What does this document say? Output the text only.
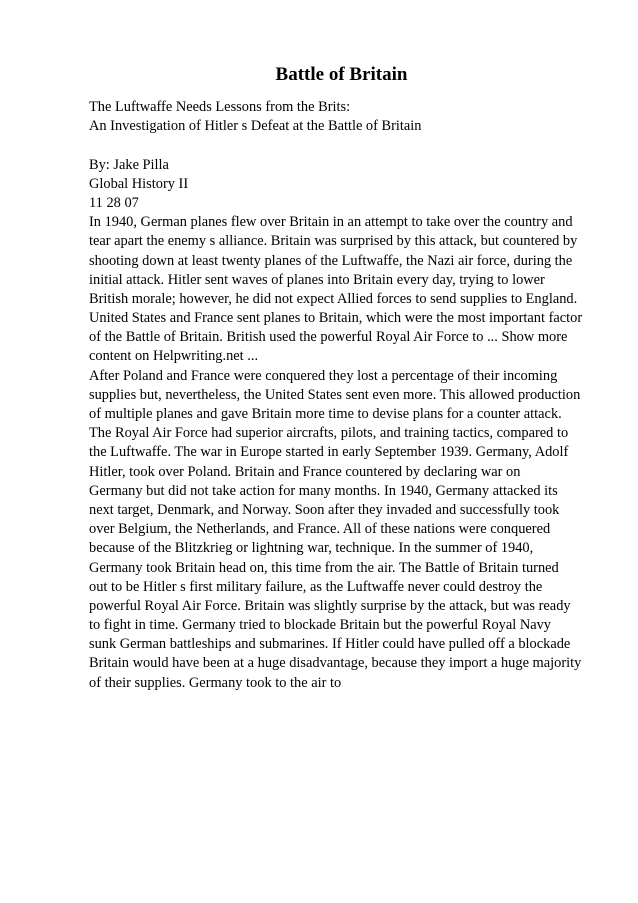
Battle of Britain
The Luftwaffe Needs Lessons from the Brits:
An Investigation of Hitler s Defeat at the Battle of Britain
By: Jake Pilla
Global History II
11 28 07
In 1940, German planes flew over Britain in an attempt to take over the country and
tear apart the enemy s alliance. Britain was surprised by this attack, but countered by
shooting down at least twenty planes of the Luftwaffe, the Nazi air force, during the
initial attack. Hitler sent waves of planes into Britain every day, trying to lower
British morale; however, he did not expect Allied forces to send supplies to England.
United States and France sent planes to Britain, which were the most important factor
of the Battle of Britain. British used the powerful Royal Air Force to ... Show more
content on Helpwriting.net ...
After Poland and France were conquered they lost a percentage of their incoming
supplies but, nevertheless, the United States sent even more. This allowed production
of multiple planes and gave Britain more time to devise plans for a counter attack.
The Royal Air Force had superior aircrafts, pilots, and training tactics, compared to
the Luftwaffe. The war in Europe started in early September 1939. Germany, Adolf
Hitler, took over Poland. Britain and France countered by declaring war on
Germany but did not take action for many months. In 1940, Germany attacked its
next target, Denmark, and Norway. Soon after they invaded and successfully took
over Belgium, the Netherlands, and France. All of these nations were conquered
because of the Blitzkrieg or lightning war, technique. In the summer of 1940,
Germany took Britain head on, this time from the air. The Battle of Britain turned
out to be Hitler s first military failure, as the Luftwaffe never could destroy the
powerful Royal Air Force. Britain was slightly surprise by the attack, but was ready
to fight in time. Germany tried to blockade Britain but the powerful Royal Navy
sunk German battleships and submarines. If Hitler could have pulled off a blockade
Britain would have been at a huge disadvantage, because they import a huge majority
of their supplies. Germany took to the air to
